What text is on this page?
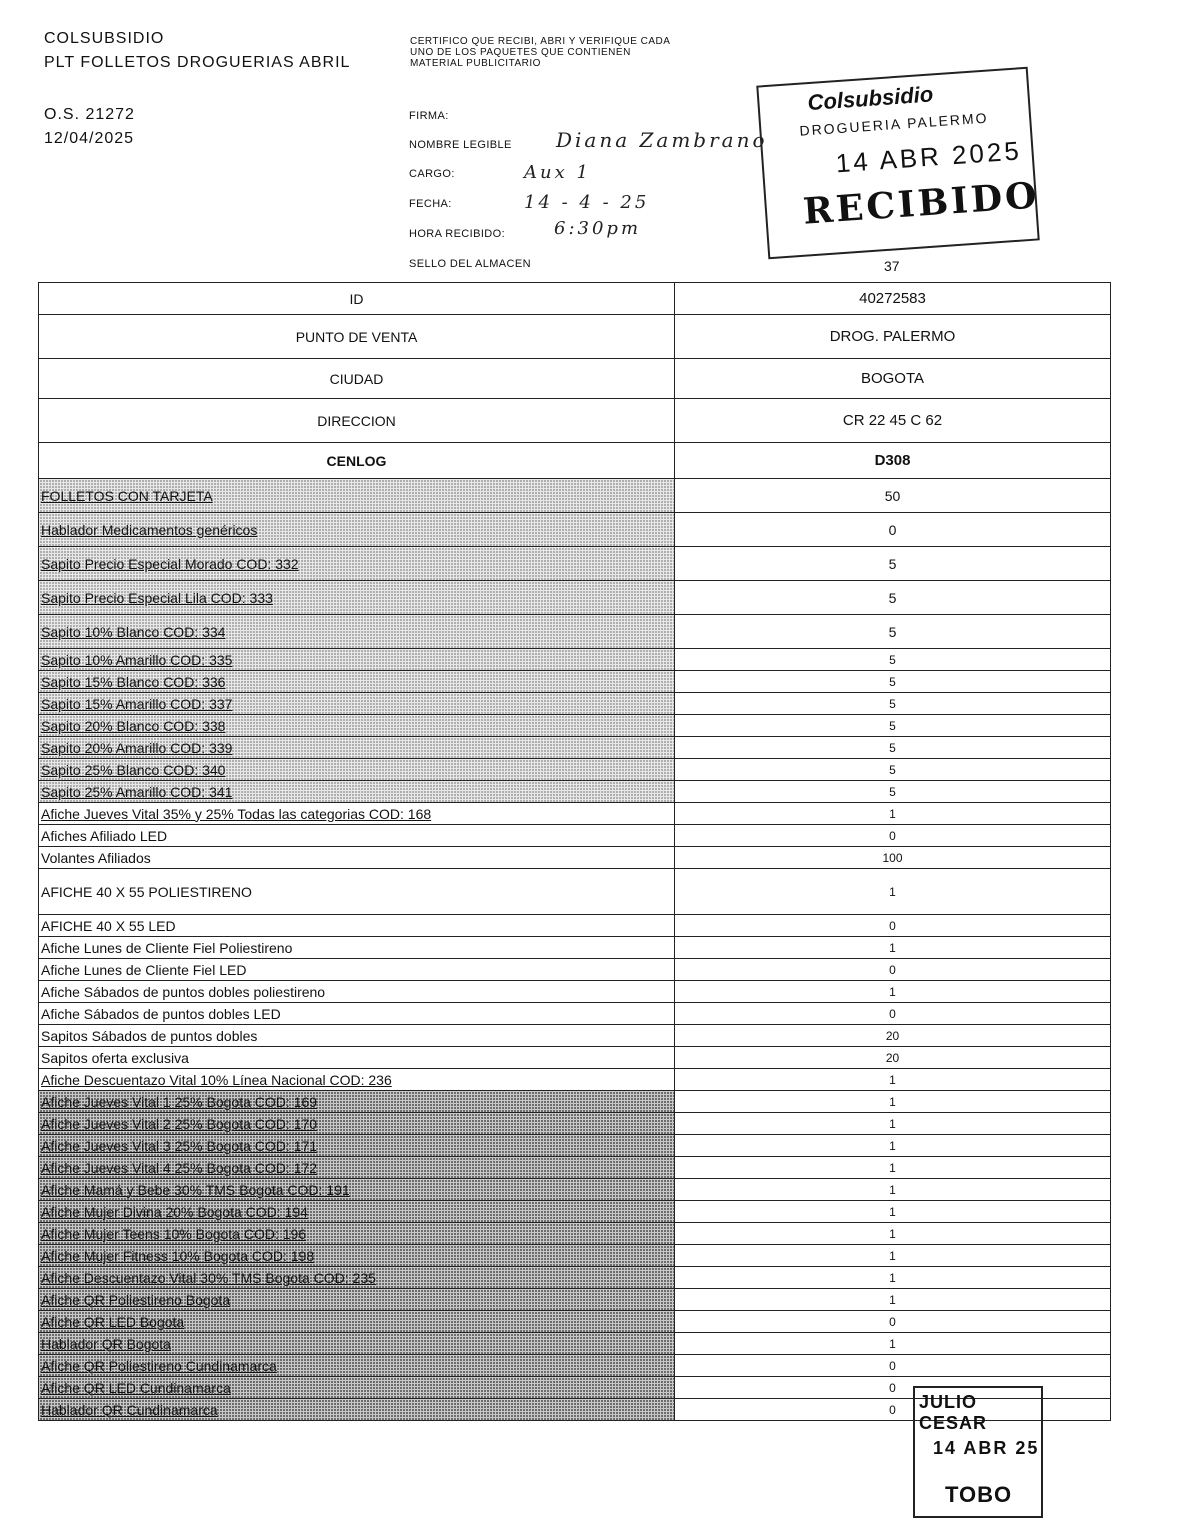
COLSUBSIDIO
PLT FOLLETOS DROGUERIAS ABRIL
O.S. 21272
12/04/2025
CERTIFICO QUE RECIBI, ABRI Y VERIFIQUE CADA UNO DE LOS PAQUETES QUE CONTIENEN MATERIAL PUBLICITARIO
FIRMA:
NOMBRE LEGIBLE
CARGO:
FECHA:
HORA RECIBIDO:
SELLO DEL ALMACEN
Diana Zambrano
Aux 1
14 - 4 - 25
6:30pm
Colsubsidio
DROGUERIA PALERMO
14 ABR 2025
RECIBIDO
37
ID	40272583
PUNTO DE VENTA	DROG. PALERMO
CIUDAD	BOGOTA
DIRECCION	CR 22 45 C 62
CENLOG	D308
FOLLETOS CON TARJETA	50
Hablador Medicamentos genéricos	0
Sapito Precio Especial Morado COD: 332	5
Sapito Precio Especial Lila COD: 333	5
Sapito 10% Blanco COD: 334	5
Sapito 10% Amarillo COD: 335	5
Sapito 15% Blanco COD: 336	5
Sapito 15% Amarillo COD: 337	5
Sapito 20% Blanco COD: 338	5
Sapito 20% Amarillo COD: 339	5
Sapito 25% Blanco COD: 340	5
Sapito 25% Amarillo COD: 341	5
Afiche Jueves Vital 35% y 25% Todas las categorias COD: 168	1
Afiches Afiliado LED	0
Volantes Afiliados	100
AFICHE 40 X 55 POLIESTIRENO	1
AFICHE 40 X 55 LED	0
Afiche Lunes de Cliente Fiel Poliestireno	1
Afiche Lunes de Cliente Fiel LED	0
Afiche Sábados de puntos dobles poliestireno	1
Afiche Sábados de puntos dobles LED	0
Sapitos Sábados de puntos dobles	20
Sapitos oferta exclusiva	20
Afiche Descuentazo Vital 10% Línea Nacional COD: 236	1
Afiche Jueves Vital 1 25% Bogota COD: 169	1
Afiche Jueves Vital 2 25% Bogota COD: 170	1
Afiche Jueves Vital 3 25% Bogota COD: 171	1
Afiche Jueves Vital 4 25% Bogota COD: 172	1
Afiche Mamá y Bebe 30% TMS Bogota COD: 191	1
Afiche Mujer Divina 20% Bogota COD: 194	1
Afiche Mujer Teens 10% Bogota COD: 196	1
Afiche Mujer Fitness 10% Bogota COD: 198	1
Afiche Descuentazo Vital 30% TMS Bogota COD: 235	1
Afiche QR Poliestireno Bogota	1
Afiche QR LED Bogota	0
Hablador QR Bogota	1
Afiche QR Poliestireno Cundinamarca	0
Afiche QR LED Cundinamarca	0
Hablador QR Cundinamarca	0 JULIO CESAR
14 ABR 25
TOBO
